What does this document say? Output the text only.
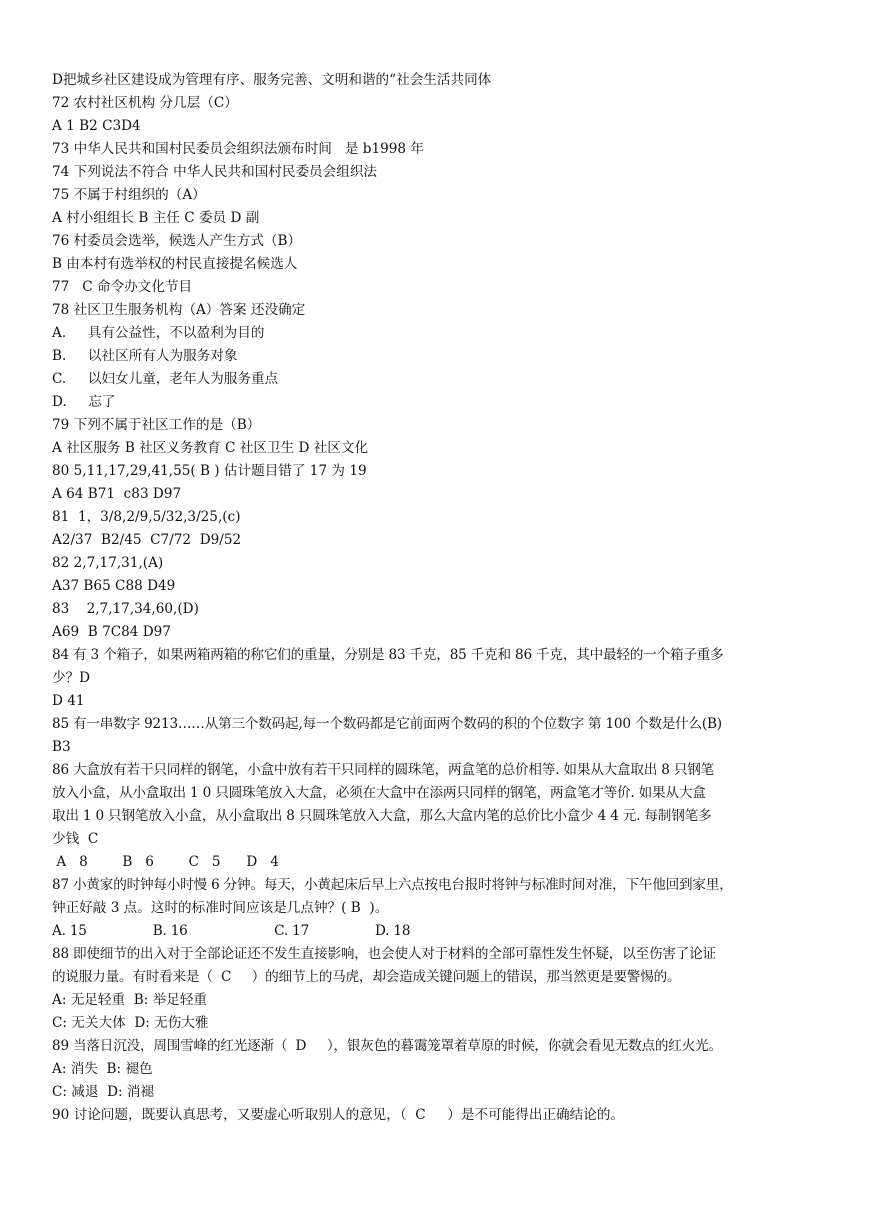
D把城乡社区建设成为管理有序、服务完善、文明和谐的“社会生活共同体
72 农村社区机构 分几层（C）
A 1 B2 C3D4
73 中华人民共和国村民委员会组织法颁布时间   是 b1998 年
74 下列说法不符合 中华人民共和国村民委员会组织法
75 不属于村组织的（A）
A 村小组组长 B 主任 C 委员 D 副
76 村委员会选举，候选人产生方式（B）
B 由本村有选举权的村民直接提名候选人
77   C 命令办文化节目
78 社区卫生服务机构（A）答案 还没确定
A.     具有公益性，不以盈利为目的
B.     以社区所有人为服务对象
C.     以妇女儿童，老年人为服务重点
D.     忘了
79 下列不属于社区工作的是（B）
A 社区服务 B 社区义务教育 C 社区卫生 D 社区文化
80 5,11,17,29,41,55( B ) 估计题目错了 17 为 19
A 64 B71  c83 D97
81  1，3/8,2/9,5/32,3/25,(c)
A2/37  B2/45  C7/72  D9/52
82 2,7,17,31,(A)
A37 B65 C88 D49
83    2,7,17,34,60,(D)
A69  B 7C84 D97
84 有 3 个箱子，如果两箱两箱的称它们的重量，分别是 83 千克，85 千克和 86 千克，其中最轻的一个箱子重多
少？D
D 41
85 有一串数字 9213……从第三个数码起,每一个数码都是它前面两个数码的积的个位数字 第 100 个数是什么(B)
B3
86 大盒放有若干只同样的钢笔，小盒中放有若干只同样的圆珠笔，两盒笔的总价相等. 如果从大盒取出 8 只钢笔
放入小盒，从小盒取出 1 0 只圆珠笔放入大盒，必须在大盒中在添两只同样的钢笔，两盒笔才等价. 如果从大盒
取出 1 0 只钢笔放入小盒，从小盒取出 8 只圆珠笔放入大盒，那么大盒内笔的总价比小盒少 4 4 元. 每制钢笔多
少钱  C
A   8        B   6        C   5      D   4
87 小黄家的时钟每小时慢 6 分钟。每天，小黄起床后早上六点按电台报时将钟与标准时间对准，下午他回到家里，
钟正好敲 3 点。这时的标准时间应该是几点钟？( B  )。
A. 15                B. 16                     C. 17                D. 18
88 即使细节的出入对于全部论证还不发生直接影响，也会使人对于材料的全部可靠性发生怀疑，以至伤害了论证
的说服力量。有时看来是（  C     ）的细节上的马虎，却会造成关键问题上的错误，那当然更是要警惕的。
A: 无足轻重  B: 举足轻重
C: 无关大体  D: 无伤大雅
89 当落日沉没，周围雪峰的红光逐渐（  D     ），银灰色的暮霭笼罩着草原的时候，你就会看见无数点的红火光。
A: 消失  B: 褪色
C: 减退  D: 消褪
90 讨论问题，既要认真思考，又要虚心听取别人的意见，（  C     ）是不可能得出正确结论的。
